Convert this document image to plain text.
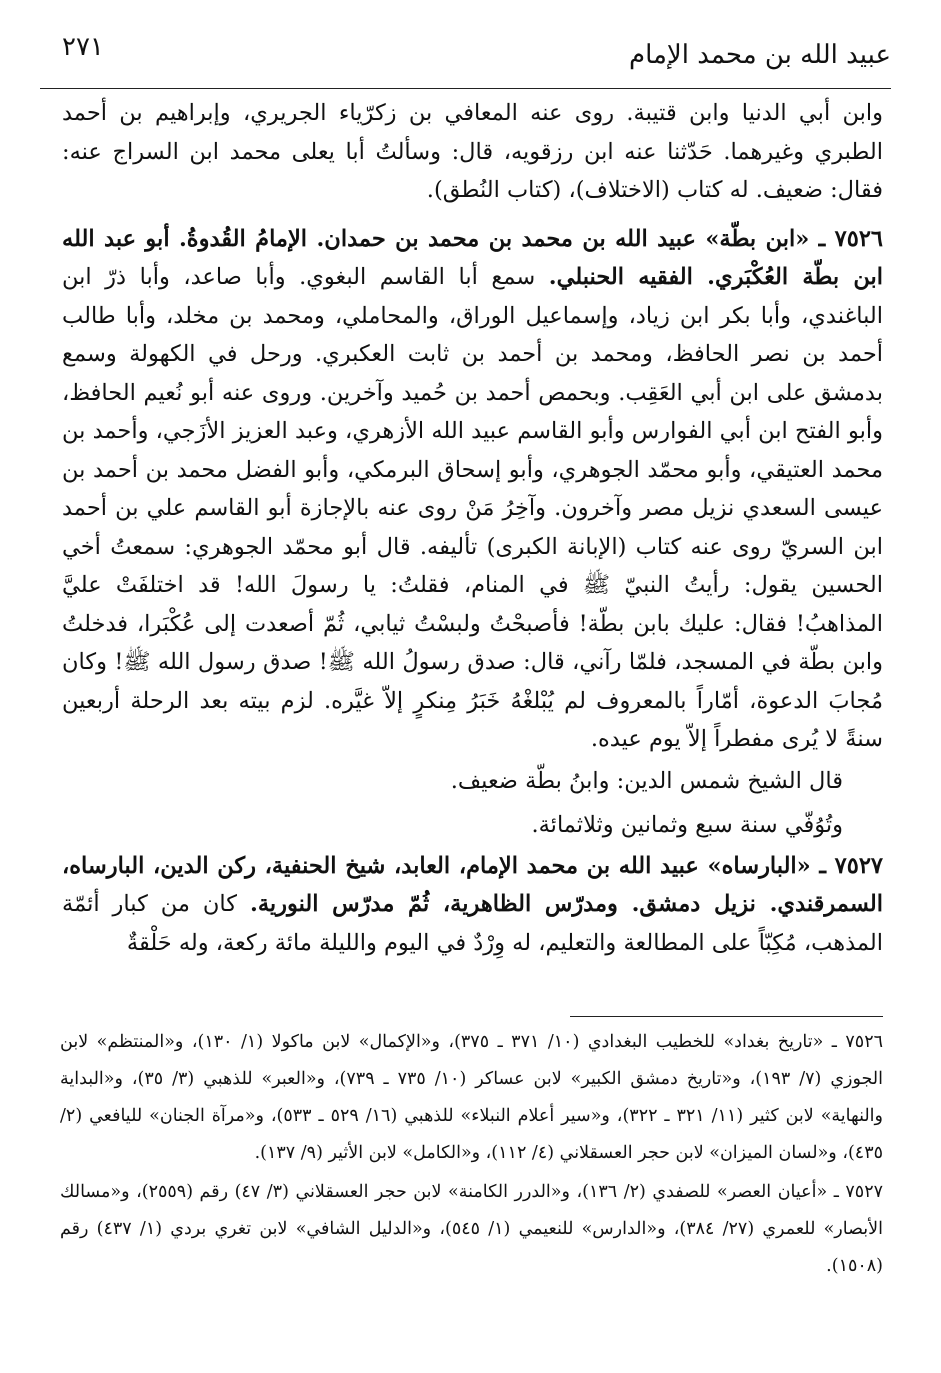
٢٧١	عبيد الله بن محمد الإمام

وابن أبي الدنيا وابن قتيبة. روى عنه المعافي بن زكرّياء الجريري، وإبراهيم بن أحمد الطبري وغيرهما. حَدّثنا عنه ابن رزقويه، قال: وسألتُ أبا يعلى محمد ابن السراج عنه: فقال: ضعيف. له كتاب (الاختلاف)، (كتاب النُطق).

٧٥٢٦ ـ «ابن بطّة» عبيد الله بن محمد بن محمد بن حمدان. الإمامُ القُدوةُ. أبو عبد الله ابن بطّة العُكْبَري. الفقيه الحنبلي. سمع أبا القاسم البغوي. وأبا صاعد، وأبا ذرّ ابن الباغندي، وأبا بكر ابن زياد، وإسماعيل الوراق، والمحاملي، ومحمد بن مخلد، وأبا طالب أحمد بن نصر الحافظ، ومحمد بن أحمد بن ثابت العكبري. ورحل في الكهولة وسمع بدمشق على ابن أبي العَقِب. وبحمص أحمد بن حُميد وآخرين. وروى عنه أبو نُعيم الحافظ، وأبو الفتح ابن أبي الفوارس وأبو القاسم عبيد الله الأزهري، وعبد العزيز الأزَجي، وأحمد بن محمد العتيقي، وأبو محمّد الجوهري، وأبو إسحاق البرمكي، وأبو الفضل محمد بن أحمد بن عيسى السعدي نزيل مصر وآخرون. وآخِرُ مَنْ روى عنه بالإجازة أبو القاسم علي بن أحمد ابن السريّ روى عنه كتاب (الإبانة الكبرى) تأليفه. قال أبو محمّد الجوهري: سمعتُ أخي الحسين يقول: رأيتُ النبيّ ﷺ في المنام، فقلتُ: يا رسولَ الله! قد اختلفَتْ عليَّ المذاهبُ! فقال: عليك بابن بطّة! فأصبحْتُ ولبسْتُ ثيابي، ثُمّ أصعدت إلى عُكْبَرا، فدخلتُ وابن بطّة في المسجد، فلمّا رآني، قال: صدق رسولُ الله ﷺ! صدق رسول الله ﷺ! وكان مُجابَ الدعوة، أمّاراً بالمعروف لم يُبْلغْهُ خَبَرُ مِنكرٍ إلاّ غيَّره. لزم بيته بعد الرحلة أربعين سنةً لا يُرى مفطراً إلاّ يوم عيده.

قال الشيخ شمس الدين: وابنُ بطّة ضعيف.

وتُوُفّي سنة سبع وثمانين وثلاثمائة.

٧٥٢٧ ـ «البارساه» عبيد الله بن محمد الإمام، العابد، شيخ الحنفية، ركن الدين، البارساه، السمرقندي. نزيل دمشق. ومدرّس الظاهرية، ثُمّ مدرّس النورية. كان من كبار أئمّة المذهب، مُكِبّاً على المطالعة والتعليم، له وِرْدٌ في اليوم والليلة مائة ركعة، وله حَلْقةٌ

٧٥٢٦ ـ «تاريخ بغداد» للخطيب البغدادي (١٠/ ٣٧١ ـ ٣٧٥)، و«الإكمال» لابن ماكولا (١/ ١٣٠)، و«المنتظم» لابن الجوزي (٧/ ١٩٣)، و«تاريخ دمشق الكبير» لابن عساكر (١٠/ ٧٣٥ ـ ٧٣٩)، و«العبر» للذهبي (٣/ ٣٥)، و«البداية والنهاية» لابن كثير (١١/ ٣٢١ ـ ٣٢٢)، و«سير أعلام النبلاء» للذهبي (١٦/ ٥٢٩ ـ ٥٣٣)، و«مرآة الجنان» لليافعي (٢/ ٤٣٥)، و«لسان الميزان» لابن حجر العسقلاني (٤/ ١١٢)، و«الكامل» لابن الأثير (٩/ ١٣٧).

٧٥٢٧ ـ «أعيان العصر» للصفدي (٢/ ١٣٦)، و«الدرر الكامنة» لابن حجر العسقلاني (٣/ ٤٧) رقم (٢٥٥٩)، و«مسالك الأبصار» للعمري (٢٧/ ٣٨٤)، و«الدارس» للنعيمي (١/ ٥٤٥)، و«الدليل الشافي» لابن تغري بردي (١/ ٤٣٧) رقم (١٥٠٨).
